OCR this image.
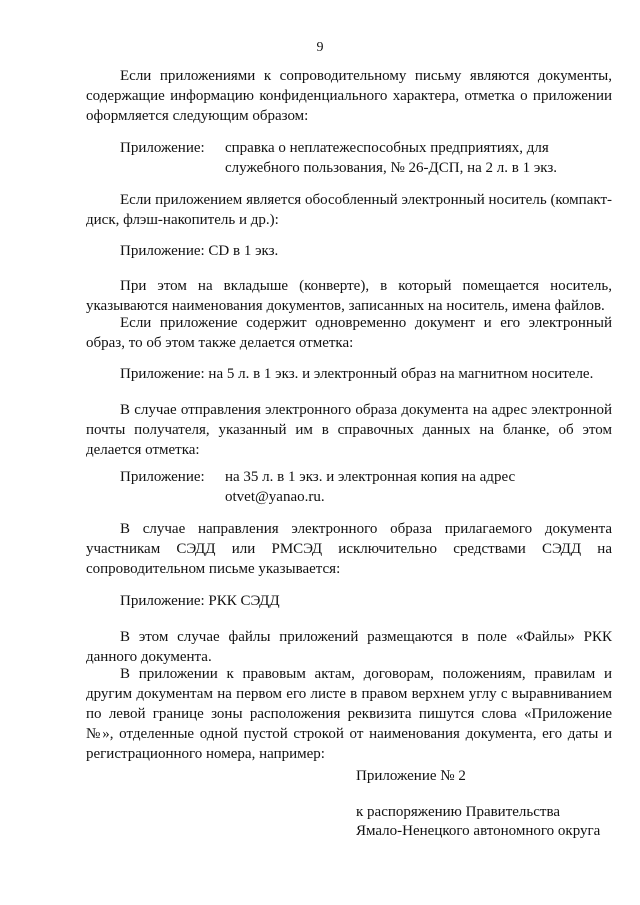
9
Если приложениями к сопроводительному письму являются документы, содержащие информацию конфиденциального характера, отметка о приложении оформляется следующим образом:
Приложение: справка о неплатежеспособных предприятиях, для
служебного пользования, № 26-ДСП, на 2 л. в 1 экз.
Если приложением является обособленный электронный носитель (компакт-диск, флэш-накопитель и др.):
Приложение: CD в 1 экз.
При этом на вкладыше (конверте), в который помещается носитель, указываются наименования документов, записанных на носитель, имена файлов.
Если приложение содержит одновременно документ и его электронный образ, то об этом также делается отметка:
Приложение: на 5 л. в 1 экз. и электронный образ на магнитном носителе.
В случае отправления электронного образа документа на адрес электронной почты получателя, указанный им в справочных данных на бланке, об этом делается отметка:
Приложение: на 35 л. в 1 экз. и электронная копия на адрес
otvet@yanao.ru.
В случае направления электронного образа прилагаемого документа участникам СЭДД или РМСЭД исключительно средствами СЭДД на сопроводительном письме указывается:
Приложение: РКК СЭДД
В этом случае файлы приложений размещаются в поле «Файлы» РКК данного документа.
В приложении к правовым актам, договорам, положениям, правилам и другим документам на первом его листе в правом верхнем углу с выравниванием по левой границе зоны расположения реквизита пишутся слова «Приложение №», отделенные одной пустой строкой от наименования документа, его даты и регистрационного номера, например:
Приложение № 2
к распоряжению Правительства
Ямало-Ненецкого автономного округа
